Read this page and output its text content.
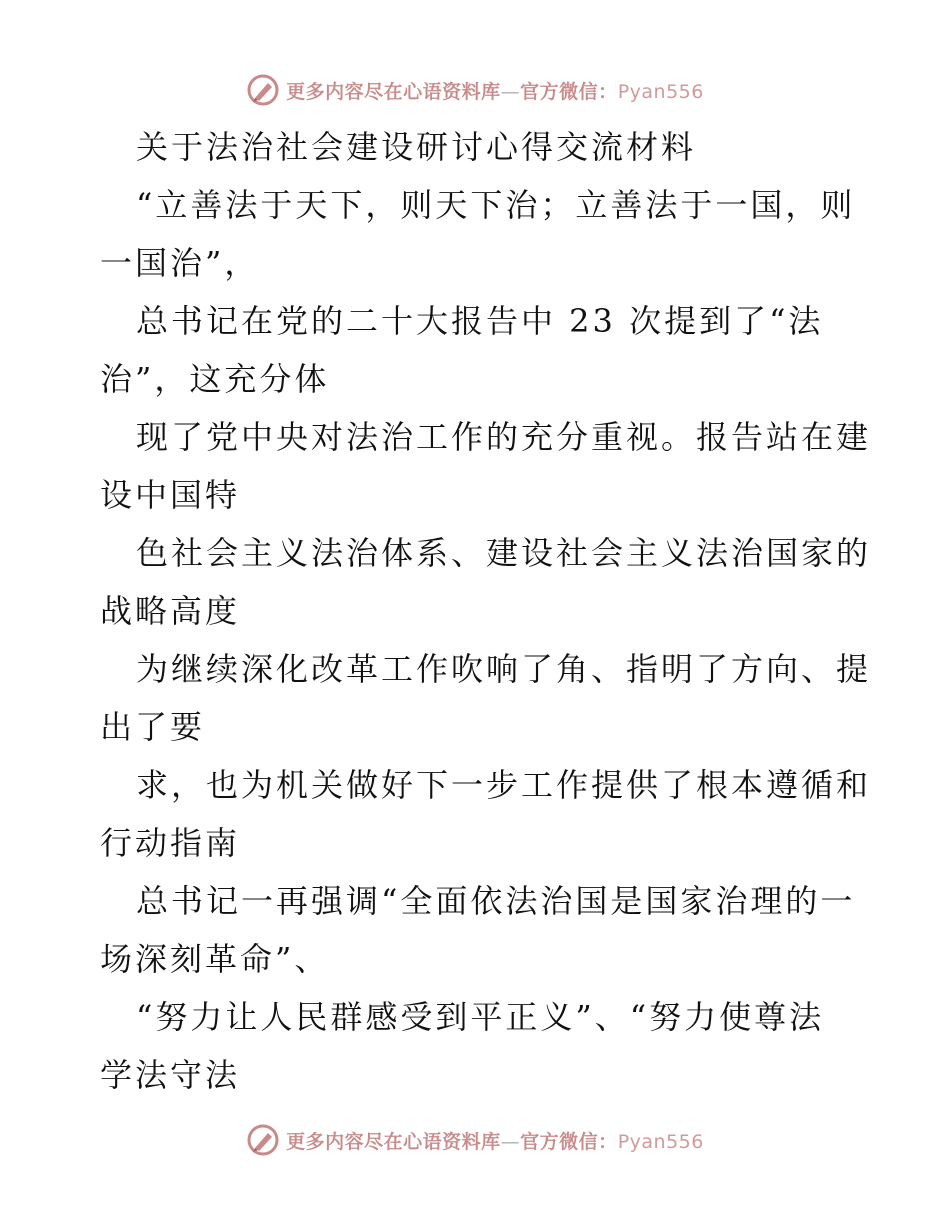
更多内容尽在心语资料库—官方微信：Pyan556
关于法治社会建设研讨心得交流材料
“立善法于天下，则天下治；立善法于一国，则
一国治”，
总书记在党的二十大报告中 23 次提到了“法
治”，这充分体
现了党中央对法治工作的充分重视。报告站在建
设中国特
色社会主义法治体系、建设社会主义法治国家的
战略高度
为继续深化改革工作吹响了角、指明了方向、提
出了要
求，也为机关做好下一步工作提供了根本遵循和
行动指南
总书记一再强调“全面依法治国是国家治理的一
场深刻革命”、
“努力让人民群感受到平正义”、“努力使尊法
学法守法
更多内容尽在心语资料库—官方微信：Pyan556
